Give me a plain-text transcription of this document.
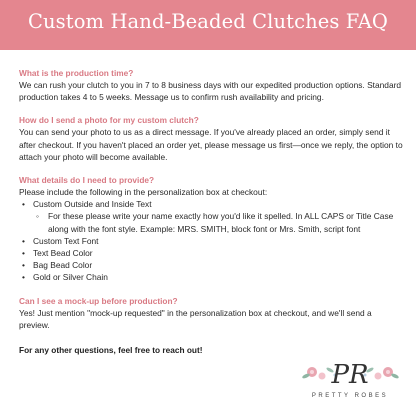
Custom Hand-Beaded Clutches FAQ

What is the production time?

We can rush your clutch to you in 7 to 8 business days with our expedited production options. Standard production takes 4 to 5 weeks. Message us to confirm rush availability and pricing.

How do I send a photo for my custom clutch?

You can send your photo to us as a direct message. If you've already placed an order, simply send it after checkout. If you haven't placed an order yet, please message us first—once we reply, the option to attach your photo will become available.

What details do I need to provide?

Please include the following in the personalization box at checkout:

• Custom Outside and Inside Text
◦ For these please write your name exactly how you'd like it spelled. In ALL CAPS or Title Case along with the font style. Example: MRS. SMITH, block font or Mrs. Smith, script font
• Custom Text Font
• Text Bead Color
• Bag Bead Color
• Gold or Silver Chain

Can I see a mock-up before production?

Yes! Just mention "mock-up requested" in the personalization box at checkout, and we'll send a preview.

For any other questions, feel free to reach out!

PR
PRETTY ROBES
